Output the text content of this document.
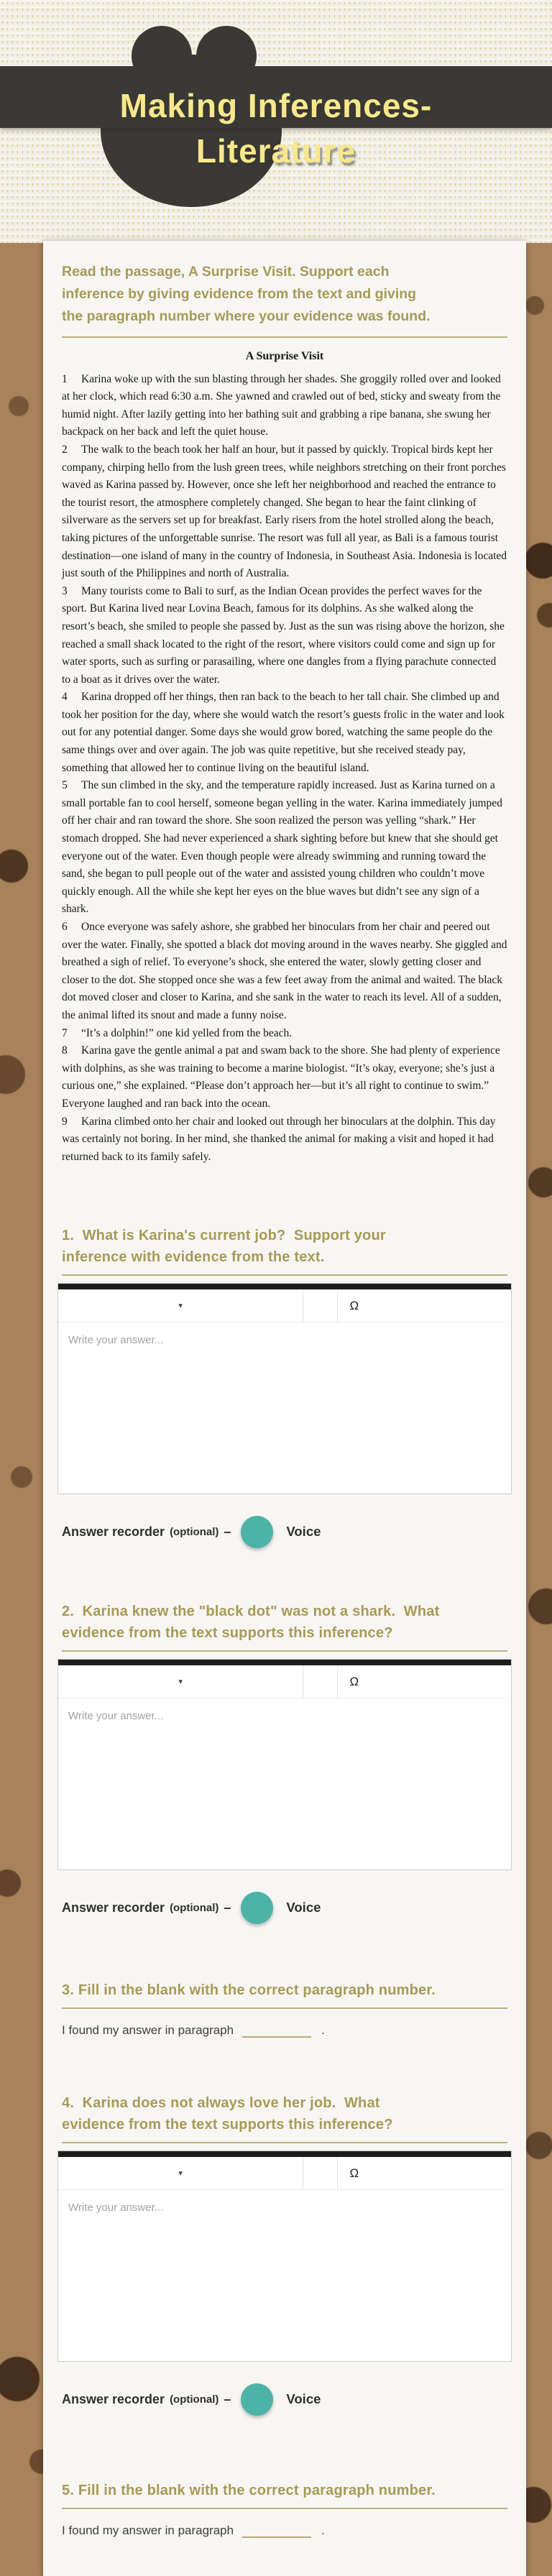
Making Inferences-
Literature
Read the passage, A Surprise Visit. Support each inference by giving evidence from the text and giving the paragraph number where your evidence was found.
A Surprise Visit

1 Karina woke up with the sun blasting through her shades. She groggily rolled over and looked at her clock, which read 6:30 a.m. She yawned and crawled out of bed, sticky and sweaty from the humid night. After lazily getting into her bathing suit and grabbing a ripe banana, she swung her backpack on her back and left the quiet house.

2 The walk to the beach took her half an hour, but it passed by quickly. Tropical birds kept her company, chirping hello from the lush green trees, while neighbors stretching on their front porches waved as Karina passed by. However, once she left her neighborhood and reached the entrance to the tourist resort, the atmosphere completely changed. She began to hear the faint clinking of silverware as the servers set up for breakfast. Early risers from the hotel strolled along the beach, taking pictures of the unforgettable sunrise. The resort was full all year, as Bali is a famous tourist destination—one island of many in the country of Indonesia, in Southeast Asia. Indonesia is located just south of the Philippines and north of Australia.

3 Many tourists come to Bali to surf, as the Indian Ocean provides the perfect waves for the sport. But Karina lived near Lovina Beach, famous for its dolphins. As she walked along the resort’s beach, she smiled to people she passed by. Just as the sun was rising above the horizon, she reached a small shack located to the right of the resort, where visitors could come and sign up for water sports, such as surfing or parasailing, where one dangles from a flying parachute connected to a boat as it drives over the water.

4 Karina dropped off her things, then ran back to the beach to her tall chair. She climbed up and took her position for the day, where she would watch the resort’s guests frolic in the water and look out for any potential danger. Some days she would grow bored, watching the same people do the same things over and over again. The job was quite repetitive, but she received steady pay, something that allowed her to continue living on the beautiful island.

5 The sun climbed in the sky, and the temperature rapidly increased. Just as Karina turned on a small portable fan to cool herself, someone began yelling in the water. Karina immediately jumped off her chair and ran toward the shore. She soon realized the person was yelling “shark.” Her stomach dropped. She had never experienced a shark sighting before but knew that she should get everyone out of the water. Even though people were already swimming and running toward the sand, she began to pull people out of the water and assisted young children who couldn’t move quickly enough. All the while she kept her eyes on the blue waves but didn’t see any sign of a shark.

6 Once everyone was safely ashore, she grabbed her binoculars from her chair and peered out over the water. Finally, she spotted a black dot moving around in the waves nearby. She giggled and breathed a sigh of relief. To everyone’s shock, she entered the water, slowly getting closer and closer to the dot. She stopped once she was a few feet away from the animal and waited. The black dot moved closer and closer to Karina, and she sank in the water to reach its level. All of a sudden, the animal lifted its snout and made a funny noise.

7 “It’s a dolphin!” one kid yelled from the beach.

8 Karina gave the gentle animal a pat and swam back to the shore. She had plenty of experience with dolphins, as she was training to become a marine biologist. “It’s okay, everyone; she’s just a curious one,” she explained. “Please don’t approach her—but it’s all right to continue to swim.” Everyone laughed and ran back into the ocean.

9 Karina climbed onto her chair and looked out through her binoculars at the dolphin. This day was certainly not boring. In her mind, she thanked the animal for making a visit and hoped it had returned back to its family safely.

1.  What is Karina's current job?  Support your inference with evidence from the text.
▾	Ω
Write your answer...
Answer recorder (optional) –	Voice
2.  Karina knew the "black dot" was not a shark.  What evidence from the text supports this inference?
▾	Ω
Write your answer...
Answer recorder (optional) –	Voice
3. Fill in the blank with the correct paragraph number.
I found my answer in paragraph	.
4.  Karina does not always love her job.  What evidence from the text supports this inference?
▾	Ω
Write your answer...
Answer recorder (optional) –	Voice
5. Fill in the blank with the correct paragraph number.
I found my answer in paragraph	.
